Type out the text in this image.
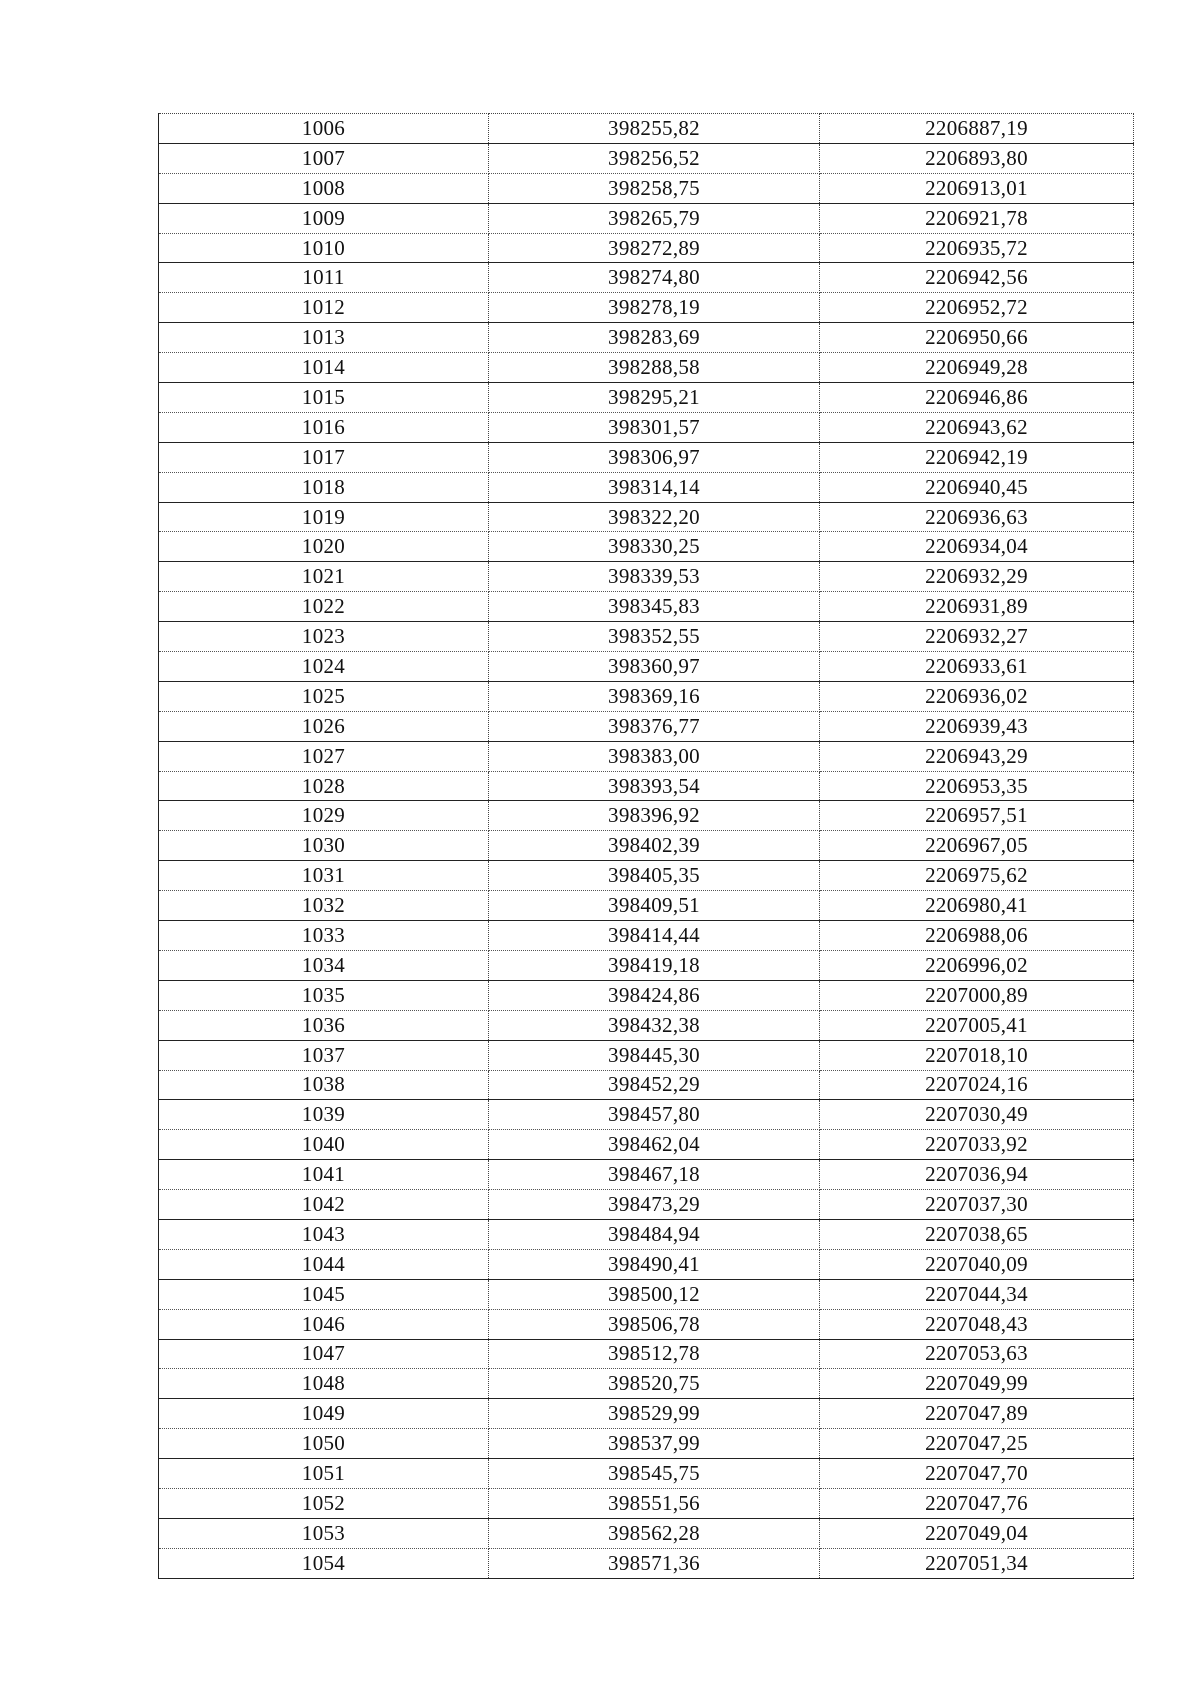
1006	398255,82	2206887,19
1007	398256,52	2206893,80
1008	398258,75	2206913,01
1009	398265,79	2206921,78
1010	398272,89	2206935,72
1011	398274,80	2206942,56
1012	398278,19	2206952,72
1013	398283,69	2206950,66
1014	398288,58	2206949,28
1015	398295,21	2206946,86
1016	398301,57	2206943,62
1017	398306,97	2206942,19
1018	398314,14	2206940,45
1019	398322,20	2206936,63
1020	398330,25	2206934,04
1021	398339,53	2206932,29
1022	398345,83	2206931,89
1023	398352,55	2206932,27
1024	398360,97	2206933,61
1025	398369,16	2206936,02
1026	398376,77	2206939,43
1027	398383,00	2206943,29
1028	398393,54	2206953,35
1029	398396,92	2206957,51
1030	398402,39	2206967,05
1031	398405,35	2206975,62
1032	398409,51	2206980,41
1033	398414,44	2206988,06
1034	398419,18	2206996,02
1035	398424,86	2207000,89
1036	398432,38	2207005,41
1037	398445,30	2207018,10
1038	398452,29	2207024,16
1039	398457,80	2207030,49
1040	398462,04	2207033,92
1041	398467,18	2207036,94
1042	398473,29	2207037,30
1043	398484,94	2207038,65
1044	398490,41	2207040,09
1045	398500,12	2207044,34
1046	398506,78	2207048,43
1047	398512,78	2207053,63
1048	398520,75	2207049,99
1049	398529,99	2207047,89
1050	398537,99	2207047,25
1051	398545,75	2207047,70
1052	398551,56	2207047,76
1053	398562,28	2207049,04
1054	398571,36	2207051,34
